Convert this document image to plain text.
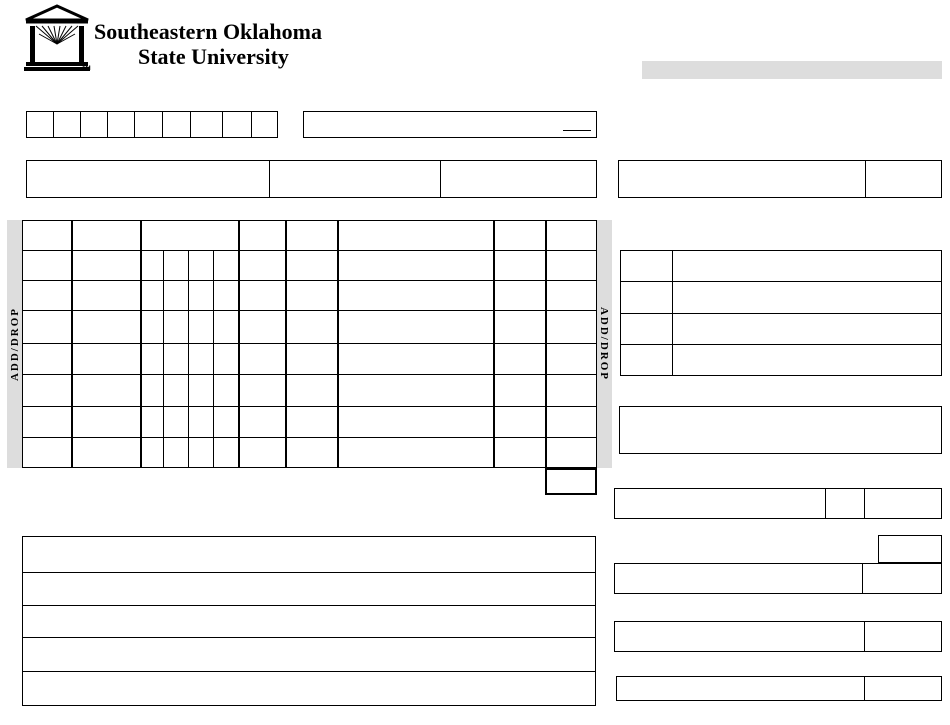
TM
Southeastern Oklahoma
State University
ADD/DROP	ADD/DROP
